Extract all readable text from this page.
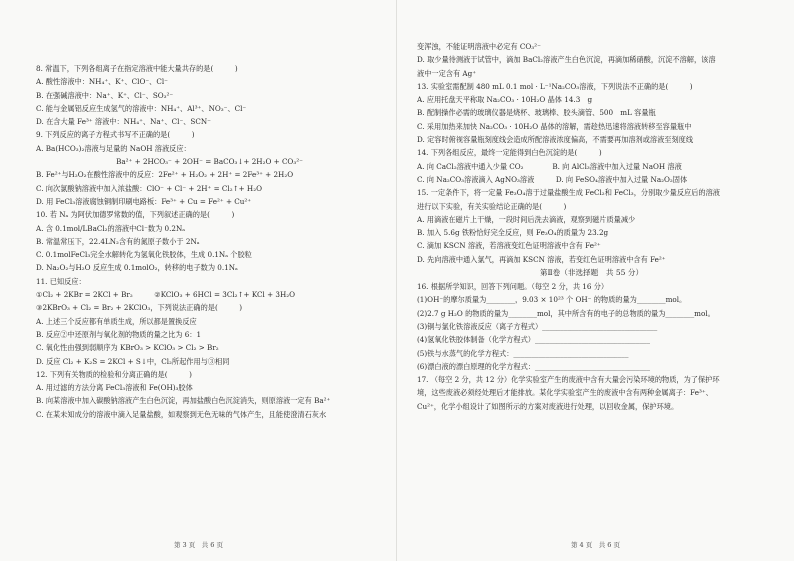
8. 常温下，下列各组离子在指定溶液中能大量共存的是(　　　)
A. 酸性溶液中：NH₄⁺、K⁺、ClO⁻、Cl⁻
B. 在强碱溶液中：Na⁺、K⁺、Cl⁻、SO₃²⁻
C. 能与金属铝反应生成氢气的溶液中：NH₄⁺、Al³⁺、NO₃⁻、Cl⁻
D. 在含大量 Fe³⁺ 溶液中：NH₄⁺、Na⁺、Cl⁻、SCN⁻
9. 下列反应的离子方程式书写不正确的是(　　　)
A. Ba(HCO₃)₂溶液与足量的 NaOH 溶液反应：
Ba²⁺ + 2HCO₃⁻ + 2OH⁻ = BaCO₃↓+ 2H₂O + CO₃²⁻
B. Fe²⁺与H₂O₂在酸性溶液中的反应：2Fe²⁺ + H₂O₂ + 2H⁺ = 2Fe³⁺ + 2H₂O
C. 向次氯酸钠溶液中加入浓盐酸：ClO⁻ + Cl⁻ + 2H⁺ = Cl₂↑+ H₂O
D. 用 FeCl₃溶液腐蚀铜制印刷电路板：Fe³⁺ + Cu = Fe²⁺ + Cu²⁺
10. 若 Nₐ 为阿伏加德罗常数的值，下列叙述正确的是(　　　)
A. 含 0.1mol/LBaCl₂的溶液中Cl⁻数为 0.2Nₐ
B. 常温常压下，22.4LN₂含有的氮原子数小于 2Nₐ
C. 0.1molFeCl₃完全水解转化为氢氧化铁胶体，生成 0.1Nₐ 个胶粒
D. Na₂O₂与H₂O 反应生成 0.1molO₂，转移的电子数为 0.1Nₐ
11. 已知反应：
①Cl₂ + 2KBr = 2KCl + Br₂　　　②KClO₃ + 6HCl = 3Cl₂↑+ KCl + 3H₂O
③2KBrO₃ + Cl₂ = Br₂ + 2KClO₃，下列说法正确的是(　　　)
A. 上述三个反应都有单质生成，所以都是置换反应
B. 反应②中还原剂与氧化剂的物质的量之比为 6：1
C. 氧化性由强到弱顺序为 KBrO₃ > KClO₃ > Cl₂ > Br₂
D. 反应 Cl₂ + K₂S = 2KCl + S↓中，Cl₂所起作用与③相同
12. 下列有关物质的检验和分离正确的是(　　　)
A. 用过滤的方法分离 FeCl₃溶液和 Fe(OH)₃胶体
B. 向某溶液中加入碳酸钠溶液产生白色沉淀，再加盐酸白色沉淀消失，则原溶液一定有 Ba²⁺
C. 在某未知成分的溶液中滴入足量盐酸，如观察到无色无味的气体产生，且能使澄清石灰水
第 3 页　共 6 页
变浑浊，不能证明溶液中必定有 CO₃²⁻
D. 取少量待测液于试管中，滴加 BaCl₂溶液产生白色沉淀，再滴加稀硝酸，沉淀不溶解，该溶
液中一定含有 Ag⁺
13. 实验室需配制 480 mL 0.1 mol · L⁻¹Na₂CO₃溶液，下列说法不正确的是(　　　)
A. 应用托盘天平称取 Na₂CO₃ · 10H₂O 晶体 14.3　g
B. 配制操作必需的玻璃仪器是烧杯、玻璃棒、胶头滴管、500　mL 容量瓶
C. 采用加热来加快 Na₂CO₃ · 10H₂O 晶体的溶解，需趁热迅速将溶液转移至容量瓶中
D. 定容时俯视容量瓶刻度线会造成所配溶液浓度偏高，不需要再加溶剂或溶液至刻度线
14. 下列各组反应，最终一定能得到白色沉淀的是(　　　)
A. 向 CaCl₂溶液中通入少量 CO₂　　　　B. 向 AlCl₃溶液中加入过量 NaOH 溶液
C. 向 Na₂CO₃溶液滴入 AgNO₃溶液　　　D. 向 FeSO₄溶液中加入过量 Na₂O₂固体
15. 一定条件下，将一定量 Fe₃O₄溶于过量盐酸生成 FeCl₂和 FeCl₃，分别取少量反应后的溶液
进行以下实验，有关实验结论正确的是(　　　)
A. 用滴液在磁片上干燥，一段时间后洗去滴液，观察到磁片质量减少
B. 加入 5.6g 铁粉恰好完全反应，则 Fe₃O₄的质量为 23.2g
C. 滴加 KSCN 溶液，若溶液变红色证明溶液中含有 Fe²⁺
D. 先向溶液中通入氯气，再滴加 KSCN 溶液，若变红色证明溶液中含有 Fe²⁺
第Ⅱ卷（非选择题　共 55 分）
16. 根据所学知识，回答下列问题。（每空 2 分，共 16 分）
(1)OH⁻的摩尔质量为________，9.03 × 10²³ 个 OH⁻ 的物质的量为________mol。
(2)2.7 g H₂O 的物质的量为________mol，其中所含有的电子的总物质的量为________mol。
(3)铜与氯化铁溶液反应（离子方程式）________________________________
(4)氢氧化铁胶体制备（化学方程式）________________________________
(5)铁与水蒸气的化学方程式：________________________________
(6)漂白液的漂白原理的化学方程式：________________________________
17. （每空 2 分，共 12 分）化学实验室产生的废液中含有大量会污染环境的物质，为了保护环
境，这些废液必须经处理后才能排放。某化学实验室产生的废液中含有两种金属离子：Fe³⁺、
Cu²⁺，化学小组设计了如图所示的方案对废液进行处理，以回收金属，保护环境。
第 4 页　共 6 页
